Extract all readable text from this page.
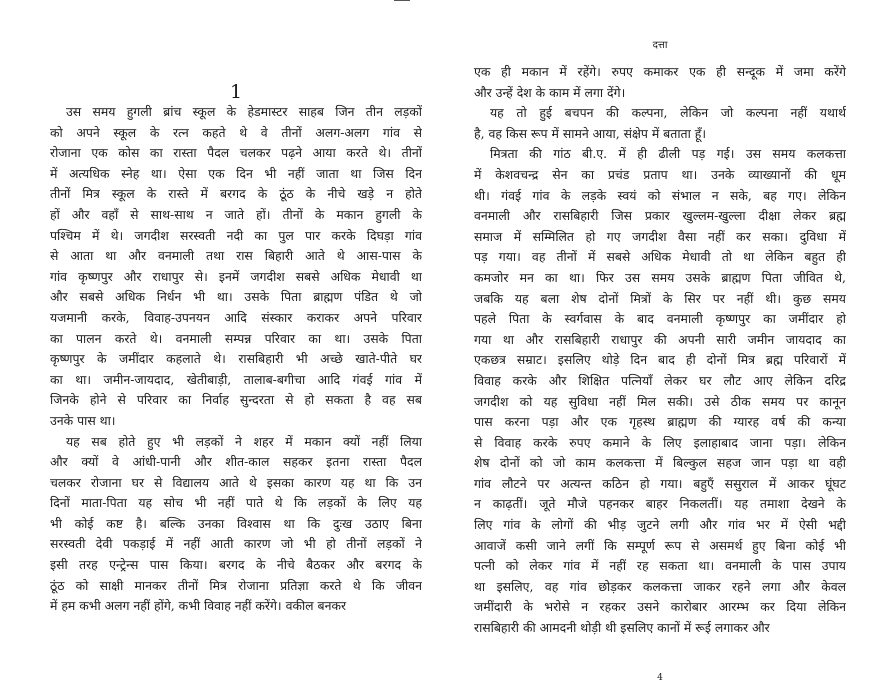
1
उस समय हुगली ब्रांच स्कूल के हेडमास्टर साहब जिन तीन लड़कों
को अपने स्कूल के रत्न कहते थे वे तीनों अलग-अलग गांव से
रोजाना एक कोस का रास्ता पैदल चलकर पढ़ने आया करते थे। तीनों
में अत्यधिक स्नेह था। ऐसा एक दिन भी नहीं जाता था जिस दिन
तीनों मित्र स्कूल के रास्ते में बरगद के ठूंठ के नीचे खड़े न होते
हों और वहाँ से साथ-साथ न जाते हों। तीनों के मकान हुगली के
पश्चिम में थे। जगदीश सरस्वती नदी का पुल पार करके दिघड़ा गांव
से आता था और वनमाली तथा रास बिहारी आते थे आस-पास के
गांव कृष्णपुर और राधापुर से। इनमें जगदीश सबसे अधिक मेधावी था
और सबसे अधिक निर्धन भी था। उसके पिता ब्राह्मण पंडित थे जो
यजमानी करके, विवाह-उपनयन आदि संस्कार कराकर अपने परिवार
का पालन करते थे। वनमाली सम्पन्न परिवार का था। उसके पिता
कृष्णपुर के जमींदार कहलाते थे। रासबिहारी भी अच्छे खाते-पीते घर
का था। जमीन-जायदाद, खेतीबाड़ी, तालाब-बगीचा आदि गंवई गांव में
जिनके होने से परिवार का निर्वाह सुन्दरता से हो सकता है वह सब
उनके पास था।
यह सब होते हुए भी लड़कों ने शहर में मकान क्यों नहीं लिया
और क्यों वे आंधी-पानी और शीत-काल सहकर इतना रास्ता पैदल
चलकर रोजाना घर से विद्यालय आते थे इसका कारण यह था कि उन
दिनों माता-पिता यह सोच भी नहीं पाते थे कि लड़कों के लिए यह
भी कोई कष्ट है। बल्कि उनका विश्वास था कि दुःख उठाए बिना
सरस्वती देवी पकड़ाई में नहीं आती कारण जो भी हो तीनों लड़कों ने
इसी तरह एन्ट्रेन्स पास किया। बरगद के नीचे बैठकर और बरगद के
ठूंठ को साक्षी मानकर तीनों मित्र रोजाना प्रतिज्ञा करते थे कि जीवन
में हम कभी अलग नहीं होंगे, कभी विवाह नहीं करेंगे। वकील बनकर
दत्ता
एक ही मकान में रहेंगे। रुपए कमाकर एक ही सन्दूक में जमा करेंगे
और उन्हें देश के काम में लगा देंगे।
यह तो हुई बचपन की कल्पना, लेकिन जो कल्पना नहीं यथार्थ
है, वह किस रूप में सामने आया, संक्षेप में बताता हूँ।
मित्रता की गांठ बी.ए. में ही ढीली पड़ गई। उस समय कलकत्ता
में केशवचन्द्र सेन का प्रचंड प्रताप था। उनके व्याख्यानों की धूम
थी। गंवई गांव के लड़के स्वयं को संभाल न सके, बह गए। लेकिन
वनमाली और रासबिहारी जिस प्रकार खुल्लम-खुल्ला दीक्षा लेकर ब्रह्म
समाज में सम्मिलित हो गए जगदीश वैसा नहीं कर सका। दुविधा में
पड़ गया। वह तीनों में सबसे अधिक मेधावी तो था लेकिन बहुत ही
कमजोर मन का था। फिर उस समय उसके ब्राह्मण पिता जीवित थे,
जबकि यह बला शेष दोनों मित्रों के सिर पर नहीं थी। कुछ समय
पहले पिता के स्वर्गवास के बाद वनमाली कृष्णपुर का जमींदार हो
गया था और रासबिहारी राधापुर की अपनी सारी जमीन जायदाद का
एकछत्र सम्राट। इसलिए थोड़े दिन बाद ही दोनों मित्र ब्रह्म परिवारों में
विवाह करके और शिक्षित पत्नियाँ लेकर घर लौट आए लेकिन दरिद्र
जगदीश को यह सुविधा नहीं मिल सकी। उसे ठीक समय पर कानून
पास करना पड़ा और एक गृहस्थ ब्राह्मण की ग्यारह वर्ष की कन्या
से विवाह करके रुपए कमाने के लिए इलाहाबाद जाना पड़ा। लेकिन
शेष दोनों को जो काम कलकत्ता में बिल्कुल सहज जान पड़ा था वही
गांव लौटने पर अत्यन्त कठिन हो गया। बहुएँ ससुराल में आकर घूंघट
न काढ़तीं। जूते मौजे पहनकर बाहर निकलतीं। यह तमाशा देखने के
लिए गांव के लोगों की भीड़ जुटने लगी और गांव भर में ऐसी भद्दी
आवाजें कसी जाने लगीं कि सम्पूर्ण रूप से असमर्थ हुए बिना कोई भी
पत्नी को लेकर गांव में नहीं रह सकता था। वनमाली के पास उपाय
था इसलिए, वह गांव छोड़कर कलकत्ता जाकर रहने लगा और केवल
जमींदारी के भरोसे न रहकर उसने कारोबार आरम्भ कर दिया लेकिन
रासबिहारी की आमदनी थोड़ी थी इसलिए कानों में रूई लगाकर और
4
